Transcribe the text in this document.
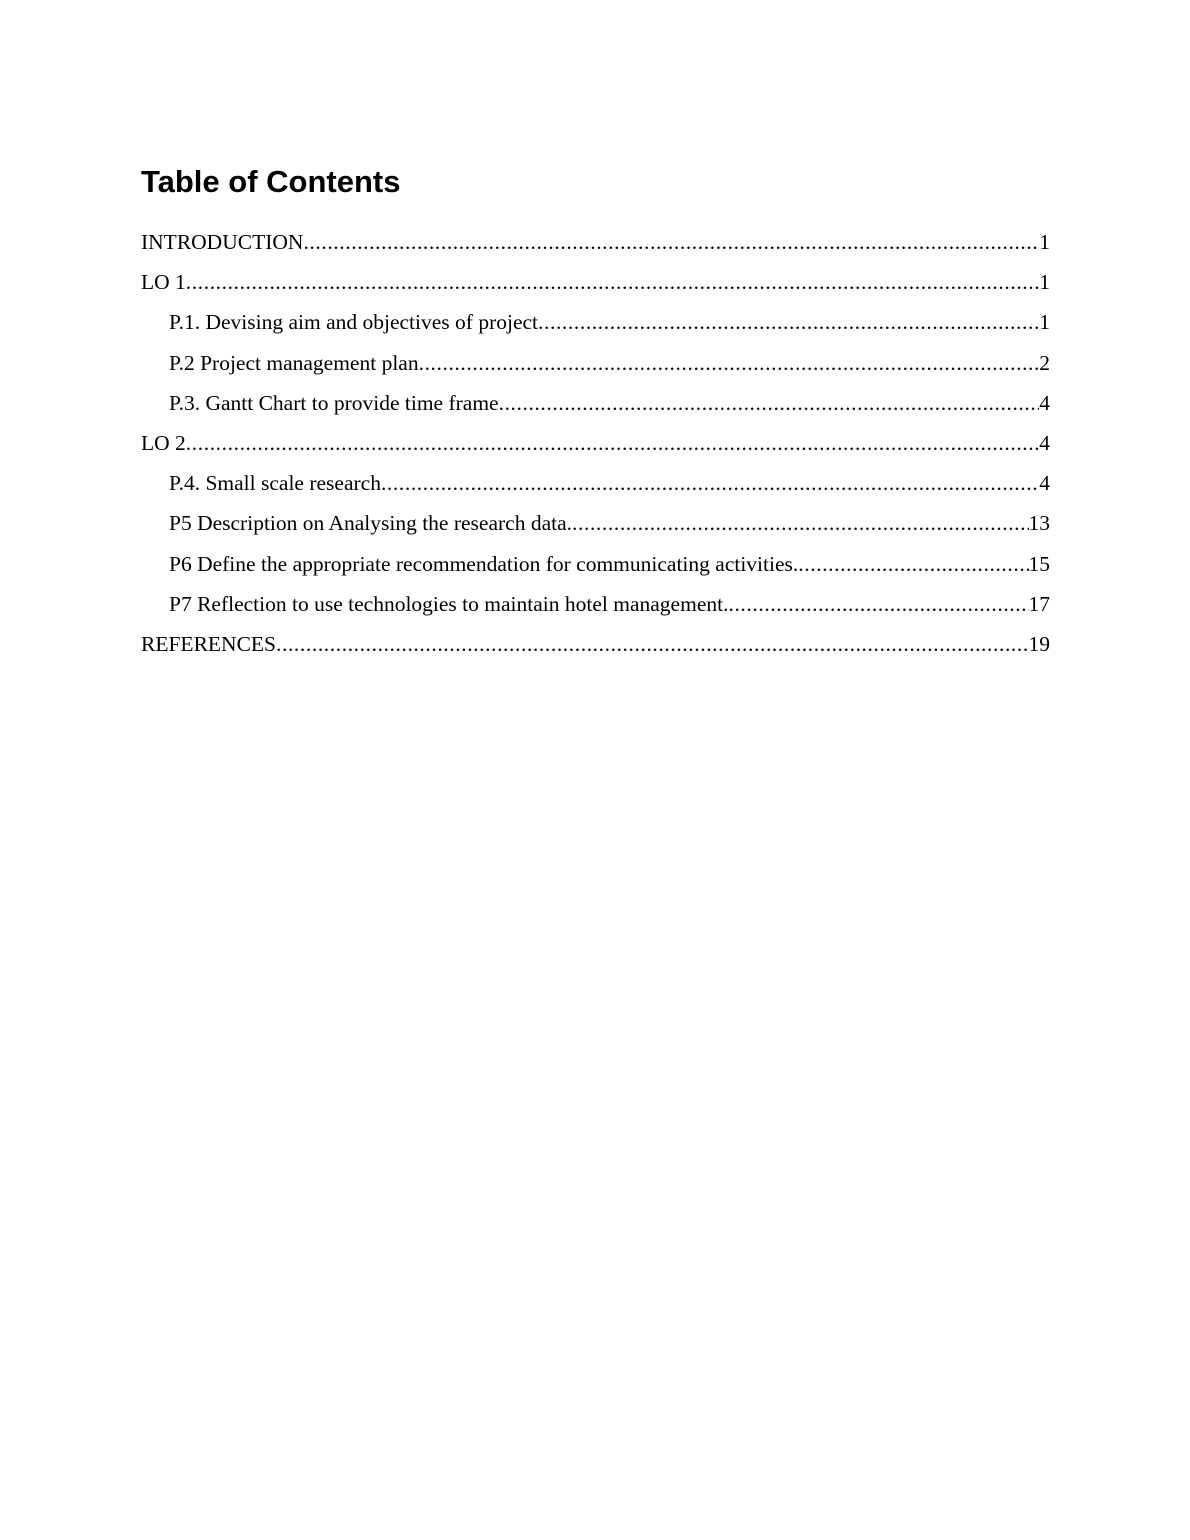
Table of Contents
INTRODUCTION .....	1
LO 1 .....	1
P.1. Devising aim and objectives of project .....	1
P.2 Project management plan .....	2
P.3. Gantt Chart to provide time frame .....	4
LO 2 .....	4
P.4. Small scale research .....	4
P5 Description on Analysing the research data. .....	13
P6 Define the appropriate recommendation for communicating activities. .....	15
P7 Reflection to use technologies to maintain hotel management. .....	17
REFERENCES .....	19
